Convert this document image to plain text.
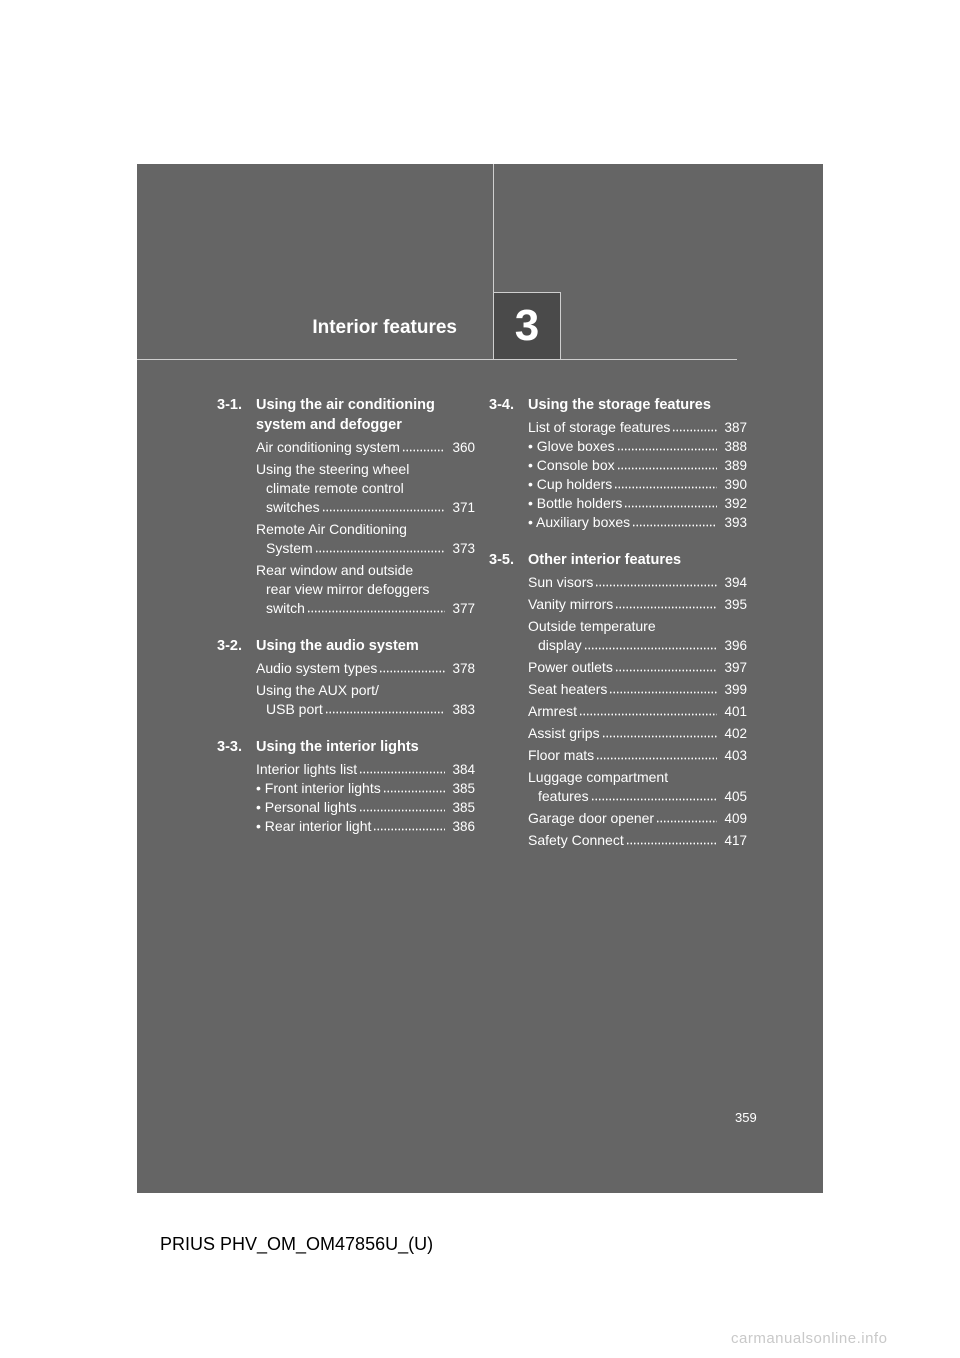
Interior features 3
3-1. Using the air conditioning
system and defogger
Air conditioning system	360
Using the steering wheel
climate remote control
switches	371
Remote Air Conditioning
System	373
Rear window and outside
rear view mirror defoggers
switch	377
3-2. Using the audio system
Audio system types	378
Using the AUX port/
USB port	383
3-3. Using the interior lights
Interior lights list	384
• Front interior lights	385
• Personal lights	385
• Rear interior light	386
3-4. Using the storage features
List of storage features	387
• Glove boxes	388
• Console box	389
• Cup holders	390
• Bottle holders	392
• Auxiliary boxes	393
3-5. Other interior features
Sun visors	394
Vanity mirrors	395
Outside temperature
display	396
Power outlets	397
Seat heaters	399
Armrest	401
Assist grips	402
Floor mats	403
Luggage compartment
features	405
Garage door opener	409
Safety Connect	417
359
PRIUS PHV_OM_OM47856U_(U)
carmanualsonline.info
